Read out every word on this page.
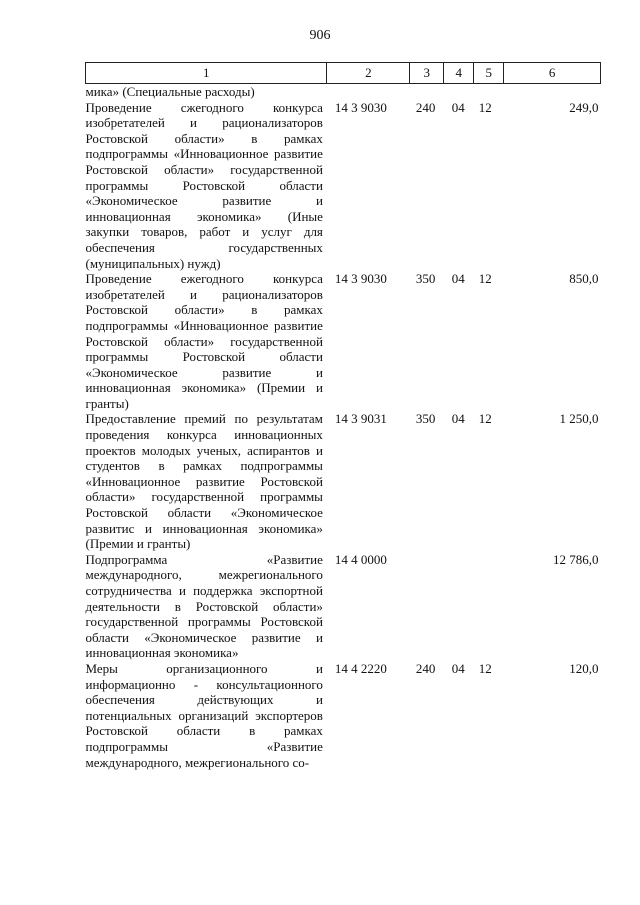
906
1	2	3	4	5	6
мика» (Специальные расходы)					
Проведение сжегодного конкурса изобретателей и рационализаторов Ростовской области» в рамках подпрограммы «Инновационное развитие Ростовской области» государственной программы Ростовской области «Экономическое развитие и инновационная экономика» (Иные закупки товаров, работ и услуг для обеспечения государственных (муниципальных) нужд)	14 3 9030	240	04	12	249,0
Проведение ежегодного конкурса изобретателей и рационализаторов Ростовской области» в рамках подпрограммы «Инновационное развитие Ростовской области» государственной программы Ростовской области «Экономическое развитие и инновационная экономика» (Премии и гранты)	14 3 9030	350	04	12	850,0
Предоставление премий по результатам проведения конкурса инновационных проектов молодых ученых, аспирантов и студентов в рамках подпрограммы «Инновационное развитие Ростовской области» государственной программы Ростовской области «Экономическое развитис и инновационная экономика» (Премии и гранты)	14 3 9031	350	04	12	1 250,0
Подпрограмма «Развитие международного, межрегионального сотрудничества и поддержка экспортной деятельности в Ростовской области» государственной программы Ростовской области «Экономическое развитие и инновационная экономика»	14 4 0000				12 786,0
Меры организационного и информационно - консультационного обеспечения действующих и потенциальных организаций экспортеров Ростовской области в рамках подпрограммы «Развитие международного, межрегионального со-	14 4 2220	240	04	12	120,0
